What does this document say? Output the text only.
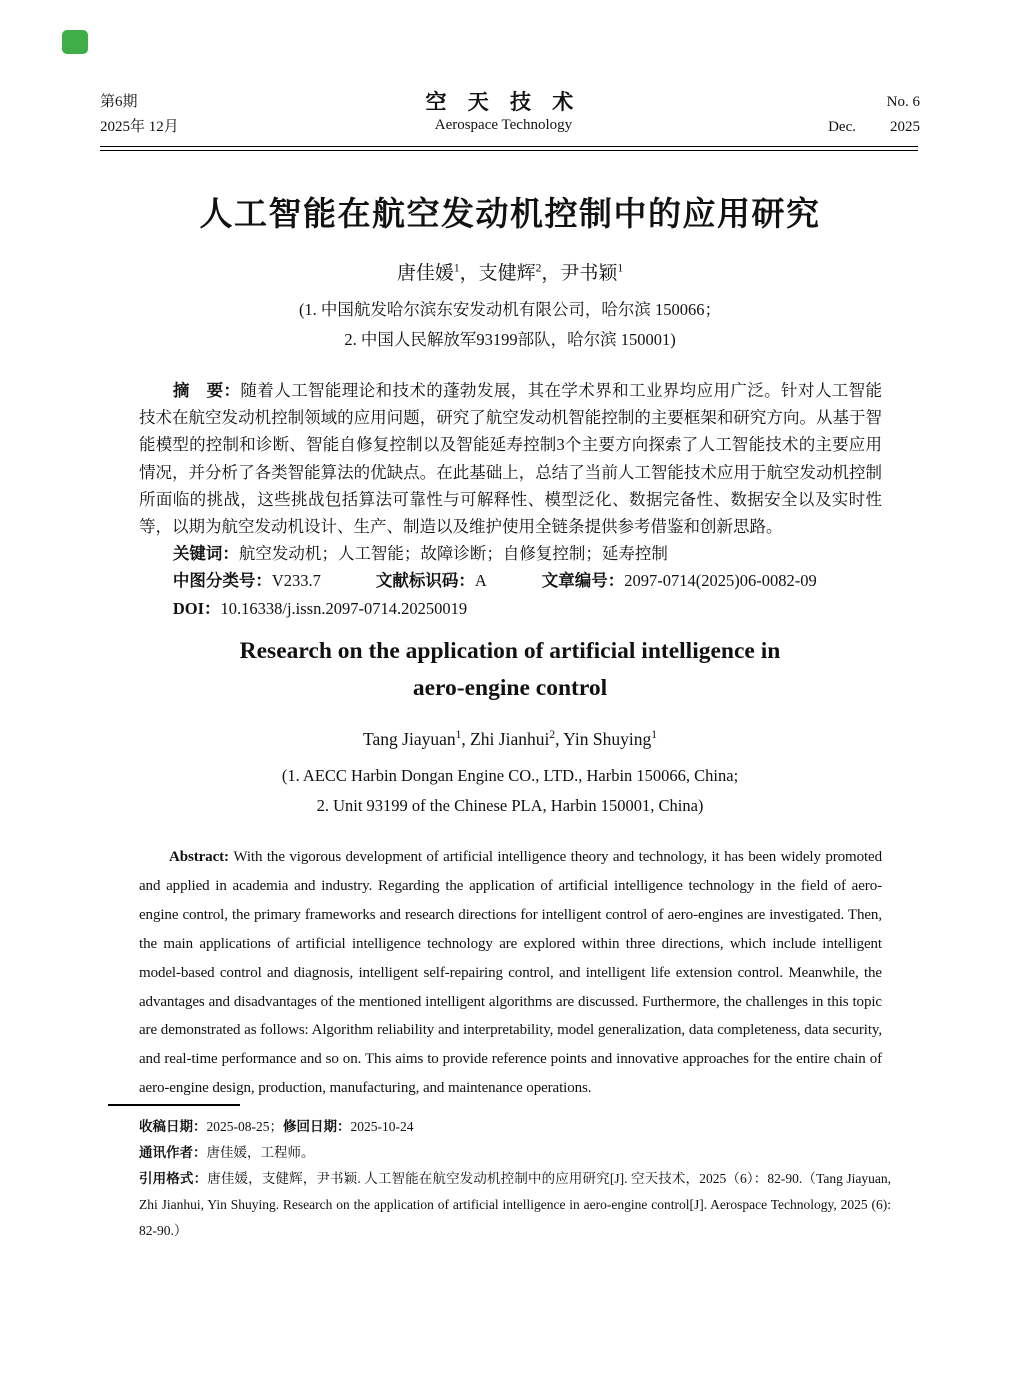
第6期
2025年 12月
空 天 技 术
Aerospace Technology
No. 6
Dec. 2025
人工智能在航空发动机控制中的应用研究
唐佳媛$^1$，支健辉$^2$，尹书颖$^1$
(1. 中国航发哈尔滨东安发动机有限公司，哈尔滨 150066；
2. 中国人民解放军93199部队，哈尔滨 150001)

摘　要：随着人工智能理论和技术的蓬勃发展，其在学术界和工业界均应用广泛。针对人工智能技术在航空发动机控制领域的应用问题，研究了航空发动机智能控制的主要框架和研究方向。从基于智能模型的控制和诊断、智能自修复控制以及智能延寿控制3个主要方向探索了人工智能技术的主要应用情况，并分析了各类智能算法的优缺点。在此基础上，总结了当前人工智能技术应用于航空发动机控制所面临的挑战，这些挑战包括算法可靠性与可解释性、模型泛化、数据完备性、数据安全以及实时性等，以期为航空发动机设计、生产、制造以及维护使用全链条提供参考借鉴和创新思路。

关键词：航空发动机；人工智能；故障诊断；自修复控制；延寿控制

中图分类号：V233.7	文献标识码：A	文章编号：2097-0714(2025)06-0082-09

DOI：10.16338/j.issn.2097-0714.20250019

Research on the application of artificial intelligence in
aero-engine control
Tang Jiayuan$^1$, Zhi Jianhui$^2$, Yin Shuying$^1$
(1. AECC Harbin Dongan Engine CO., LTD., Harbin 150066, China;
2. Unit 93199 of the Chinese PLA, Harbin 150001, China)
Abstract: With the vigorous development of artificial intelligence theory and technology, it has been widely promoted and applied in academia and industry. Regarding the application of artificial intelligence technology in the field of aero-engine control, the primary frameworks and research directions for intelligent control of aero-engines are investigated. Then, the main applications of artificial intelligence technology are explored within three directions, which include intelligent model-based control and diagnosis, intelligent self-repairing control, and intelligent life extension control. Meanwhile, the advantages and disadvantages of the mentioned intelligent algorithms are discussed. Furthermore, the challenges in this topic are demonstrated as follows: Algorithm reliability and interpretability, model generalization, data completeness, data security, and real-time performance and so on. This aims to provide reference points and innovative approaches for the entire chain of aero-engine design, production, manufacturing, and maintenance operations.

收稿日期：2025-08-25；修回日期：2025-10-24

通讯作者：唐佳媛，工程师。

引用格式：唐佳媛，支健辉，尹书颖. 人工智能在航空发动机控制中的应用研究[J]. 空天技术，2025（6）：82-90.（Tang Jiayuan, Zhi Jianhui, Yin Shuying. Research on the application of artificial intelligence in aero-engine control[J]. Aerospace Technology, 2025 (6): 82-90.）
